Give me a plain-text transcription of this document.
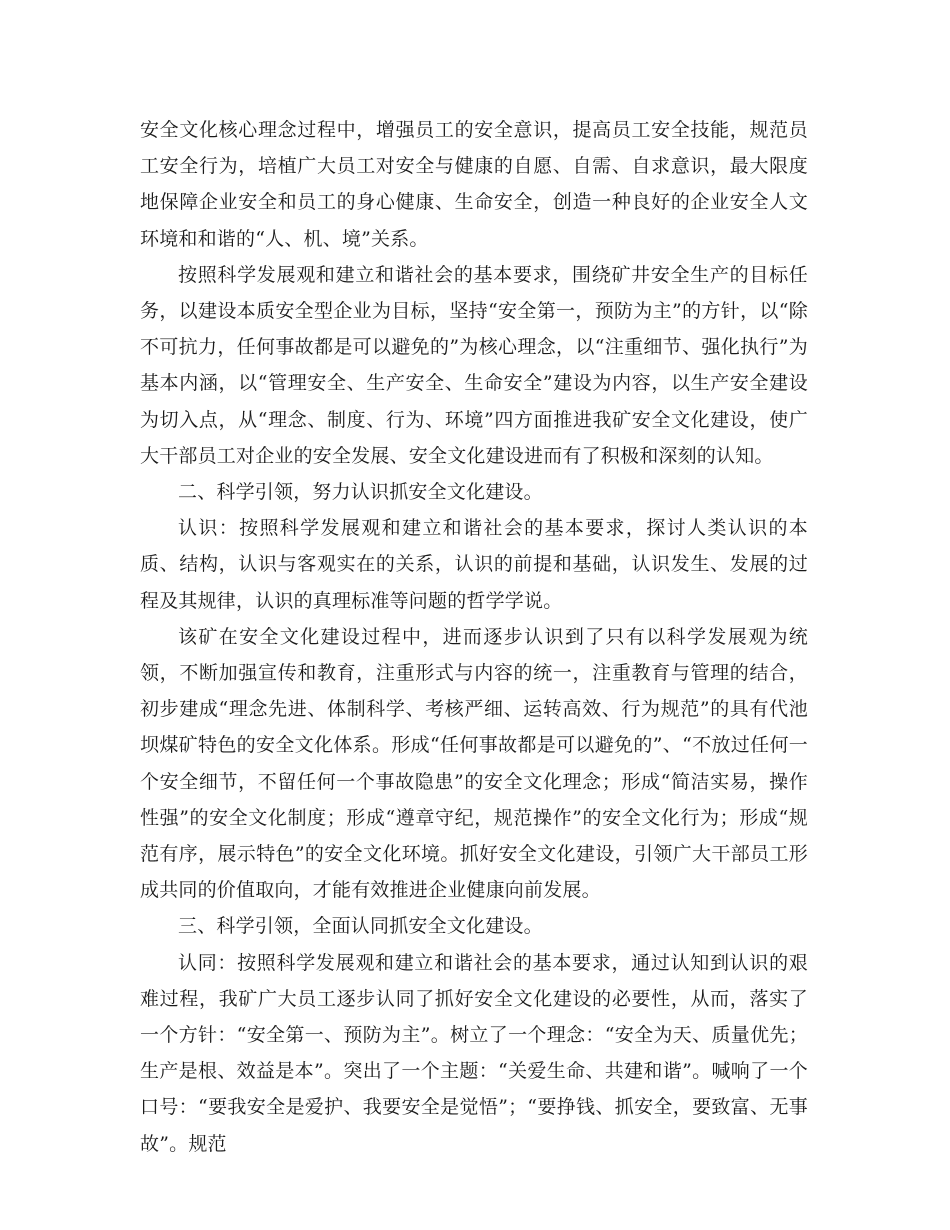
安全文化核心理念过程中，增强员工的安全意识，提高员工安全技能，规范员工安全行为，培植广大员工对安全与健康的自愿、自需、自求意识，最大限度地保障企业安全和员工的身心健康、生命安全，创造一种良好的企业安全人文环境和和谐的“人、机、境”关系。

按照科学发展观和建立和谐社会的基本要求，围绕矿井安全生产的目标任务，以建设本质安全型企业为目标，坚持“安全第一，预防为主”的方针，以“除不可抗力，任何事故都是可以避免的”为核心理念，以“注重细节、强化执行”为基本内涵，以“管理安全、生产安全、生命安全”建设为内容，以生产安全建设为切入点，从“理念、制度、行为、环境”四方面推进我矿安全文化建设，使广大干部员工对企业的安全发展、安全文化建设进而有了积极和深刻的认知。

二、科学引领，努力认识抓安全文化建设。

认识：按照科学发展观和建立和谐社会的基本要求，探讨人类认识的本质、结构，认识与客观实在的关系，认识的前提和基础，认识发生、发展的过程及其规律，认识的真理标准等问题的哲学学说。

该矿在安全文化建设过程中，进而逐步认识到了只有以科学发展观为统领，不断加强宣传和教育，注重形式与内容的统一，注重教育与管理的结合，初步建成“理念先进、体制科学、考核严细、运转高效、行为规范”的具有代池坝煤矿特色的安全文化体系。形成“任何事故都是可以避免的”、“不放过任何一个安全细节，不留任何一个事故隐患”的安全文化理念；形成“简洁实易，操作性强”的安全文化制度；形成“遵章守纪，规范操作”的安全文化行为；形成“规范有序，展示特色”的安全文化环境。抓好安全文化建设，引领广大干部员工形成共同的价值取向，才能有效推进企业健康向前发展。

三、科学引领，全面认同抓安全文化建设。

认同：按照科学发展观和建立和谐社会的基本要求，通过认知到认识的艰难过程，我矿广大员工逐步认同了抓好安全文化建设的必要性，从而，落实了一个方针：“安全第一、预防为主”。树立了一个理念：“安全为天、质量优先；生产是根、效益是本”。突出了一个主题：“关爱生命、共建和谐”。喊响了一个口号：“要我安全是爱护、我要安全是觉悟”；“要挣钱、抓安全，要致富、无事故”。规范
